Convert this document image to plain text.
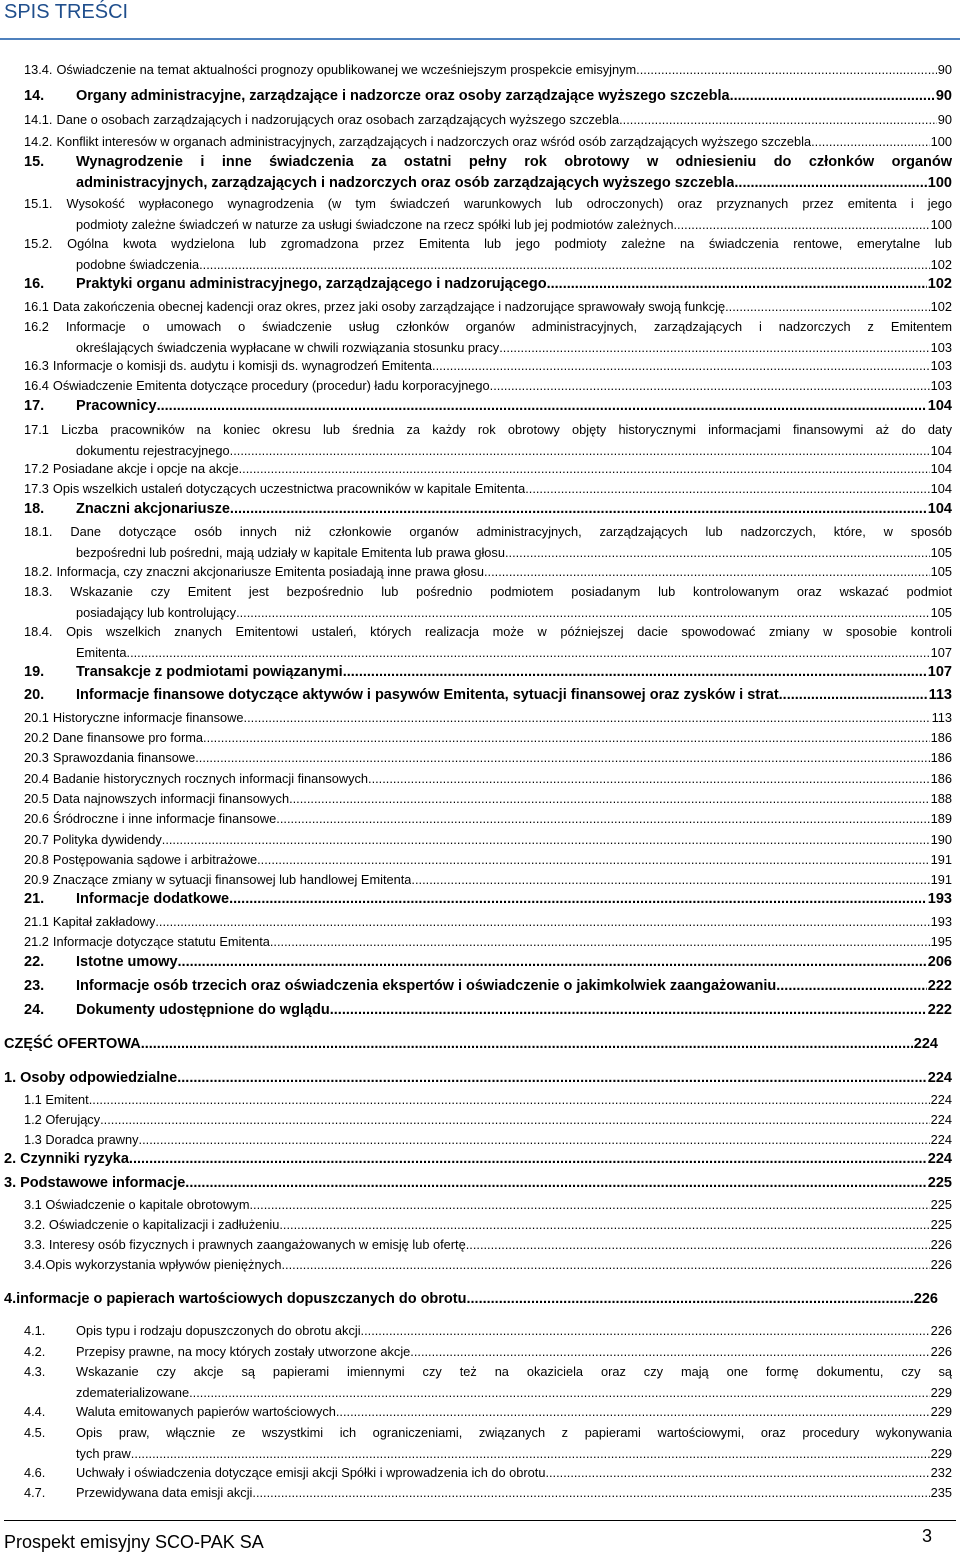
SPIS TREŚCI
13.4. Oświadczenie na temat aktualności prognozy opublikowanej we wcześniejszym prospekcie emisyjnym .....	90
14.	Organy administracyjne, zarządzające i nadzorcze oraz osoby zarządzające wyższego szczebla .....	90
14.1. Dane o osobach zarządzających i nadzorujących oraz osobach zarządzających wyższego szczebla .....	90
14.2. Konflikt interesów w organach administracyjnych, zarządzających i nadzorczych oraz wśród osób zarządzających wyższego szczebla .....	100
15. Wynagrodzenie i inne świadczenia za ostatni pełny rok obrotowy w odniesieniu do członków organów
administracyjnych, zarządzających i nadzorczych oraz osób zarządzających wyższego szczebla .....	100
15.1. Wysokość wypłaconego wynagrodzenia (w tym świadczeń warunkowych lub odroczonych) oraz przyznanych przez emitenta i jego
podmioty zależne świadczeń w naturze za usługi świadczone na rzecz spółki lub jej podmiotów zależnych .....	100
15.2. Ogólna kwota wydzielona lub zgromadzona przez Emitenta lub jego podmioty zależne na świadczenia rentowe, emerytalne lub
podobne świadczenia .....	102
16.	Praktyki organu administracyjnego, zarządzającego i nadzorującego .....	102
16.1 Data zakończenia obecnej kadencji oraz okres, przez jaki osoby zarządzające i nadzorujące sprawowały swoją funkcję .....	102
16.2 Informacje o umowach o świadczenie usług członków organów administracyjnych, zarządzających i nadzorczych z Emitentem
określających świadczenia wypłacane w chwili rozwiązania stosunku pracy .....	103
16.3 Informacje o komisji ds. audytu i komisji ds. wynagrodzeń Emitenta .....	103
16.4 Oświadczenie Emitenta dotyczące procedury (procedur) ładu korporacyjnego .....	103
17.	Pracownicy .....	104
17.1 Liczba pracowników na koniec okresu lub średnia za każdy rok obrotowy objęty historycznymi informacjami finansowymi aż do daty
dokumentu rejestracyjnego .....	104
17.2 Posiadane akcje i opcje na akcje .....	104
17.3 Opis wszelkich ustaleń dotyczących uczestnictwa pracowników w kapitale Emitenta .....	104
18.	Znaczni akcjonariusze .....	104
18.1. Dane dotyczące osób innych niż członkowie organów administracyjnych, zarządzających lub nadzorczych, które, w sposób
bezpośredni lub pośredni, mają udziały w kapitale Emitenta lub prawa głosu .....	105
18.2. Informacja, czy znaczni akcjonariusze Emitenta posiadają inne prawa głosu .....	105
18.3. Wskazanie czy Emitent jest bezpośrednio lub pośrednio podmiotem posiadanym lub kontrolowanym oraz wskazać podmiot
posiadający lub kontrolujący .....	105
18.4. Opis wszelkich znanych Emitentowi ustaleń, których realizacja może w późniejszej dacie spowodować zmiany w sposobie kontroli
Emitenta .....	107
19.	Transakcje z podmiotami powiązanymi .....	107
20.	Informacje finansowe dotyczące aktywów i pasywów Emitenta, sytuacji finansowej oraz zysków i strat .....	113
20.1 Historyczne informacje finansowe .....	113
20.2 Dane finansowe pro forma .....	186
20.3 Sprawozdania finansowe .....	186
20.4 Badanie historycznych rocznych informacji finansowych .....	186
20.5 Data najnowszych informacji finansowych .....	188
20.6 Śródroczne i inne informacje finansowe .....	189
20.7 Polityka dywidendy .....	190
20.8 Postępowania sądowe i arbitrażowe .....	191
20.9 Znaczące zmiany w sytuacji finansowej lub handlowej Emitenta .....	191
21.	Informacje dodatkowe .....	193
21.1 Kapitał zakładowy .....	193
21.2 Informacje dotyczące statutu Emitenta .....	195
22.	Istotne umowy .....	206
23.	Informacje osób trzecich oraz oświadczenia ekspertów i oświadczenie o jakimkolwiek zaangażowaniu .....	222
24.	Dokumenty udostępnione do wglądu .....	222
CZĘŚĆ OFERTOWA .....	224
1. Osoby odpowiedzialne .....	224
1.1 Emitent .....	224
1.2 Oferujący .....	224
1.3 Doradca prawny .....	224
2. Czynniki ryzyka. .....	224
3. Podstawowe informacje. .....	225
3.1 Oświadczenie o kapitale obrotowym .....	225
3.2. Oświadczenie o kapitalizacji i zadłużeniu .....	225
3.3. Interesy osób fizycznych i prawnych zaangażowanych w emisję lub ofertę .....	226
3.4.Opis wykorzystania wpływów pieniężnych .....	226
4.informacje o papierach wartościowych dopuszczanych do obrotu .....	226
4.1.	Opis typu i rodzaju dopuszczonych do obrotu akcji .....	226
4.2.	Przepisy prawne, na mocy których zostały utworzone akcje .....	226
4.3. Wskazanie czy akcje są papierami imiennymi czy też na okaziciela oraz czy mają one formę dokumentu, czy są
zdematerializowane .....	229
4.4.	Waluta emitowanych papierów wartościowych .....	229
4.5. Opis praw, włącznie ze wszystkimi ich ograniczeniami, związanych z papierami wartościowymi, oraz procedury wykonywania
tych praw .....	229
4.6.	Uchwały i oświadczenia dotyczące emisji akcji Spółki i wprowadzenia ich do obrotu .....	232
4.7.	Przewidywana data emisji akcji .....	235
Prospekt emisyjny SCO-PAK SA	3
